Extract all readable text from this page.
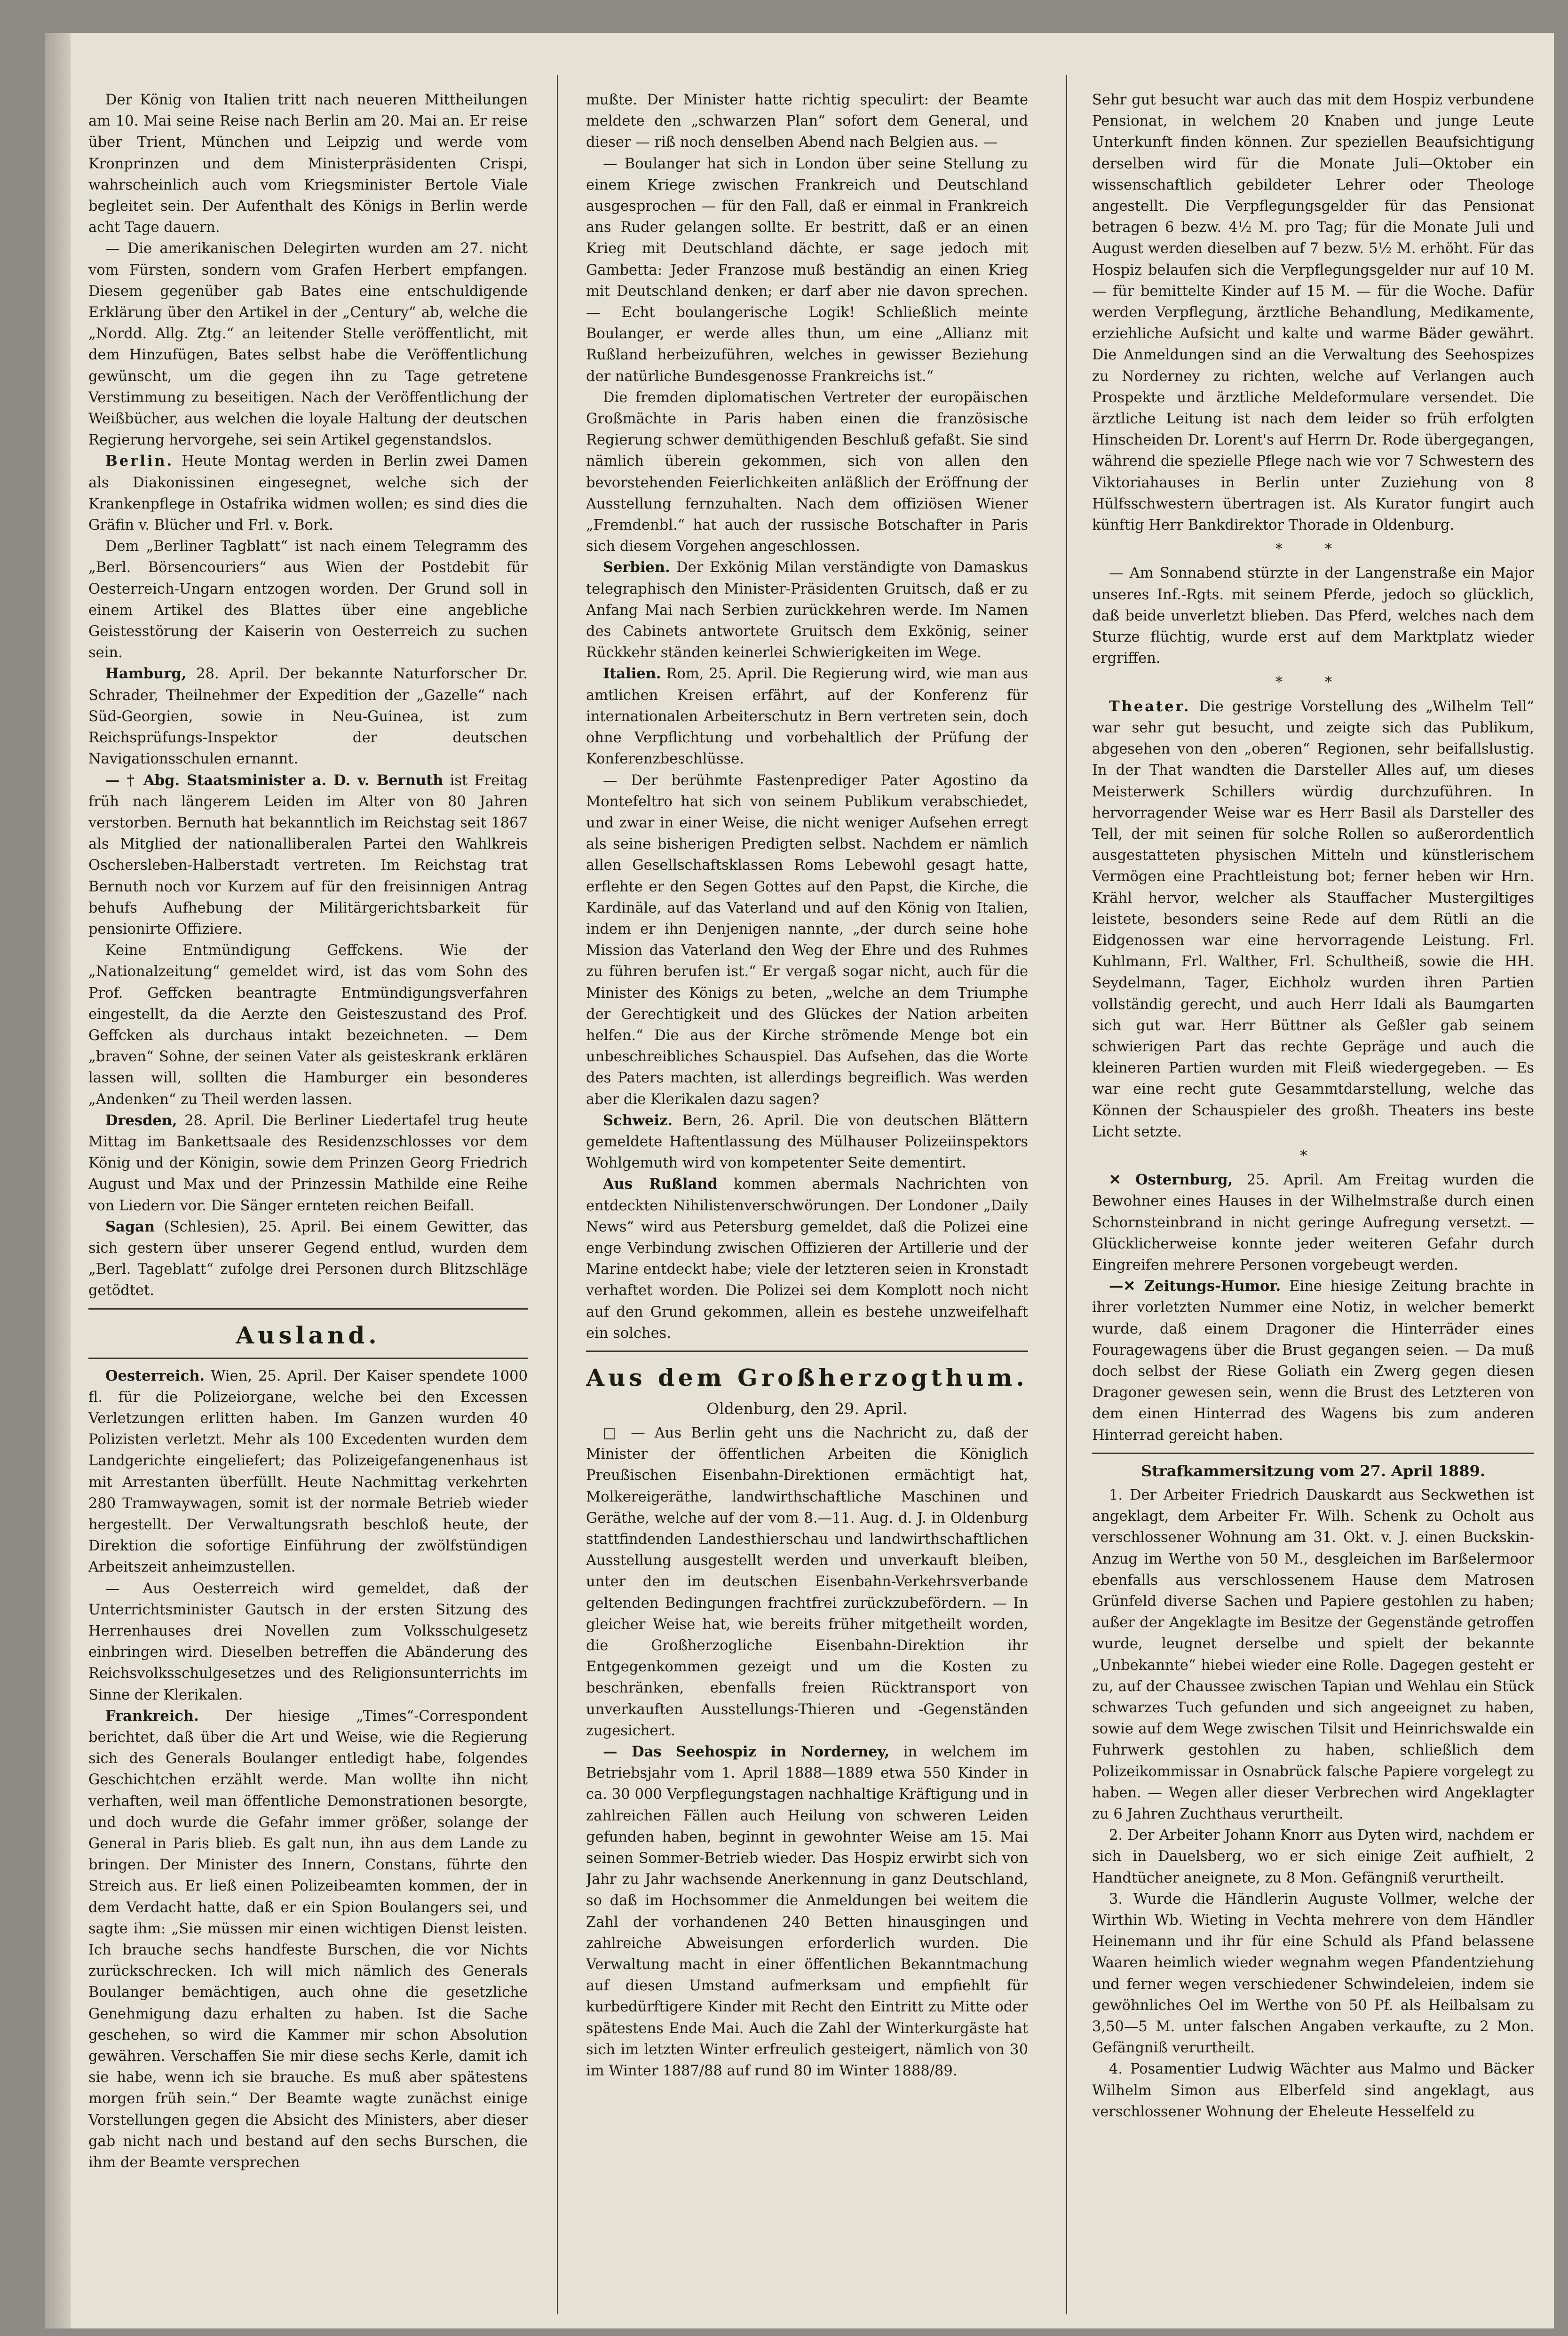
Der König von Italien tritt nach neueren Mittheilungen am 10. Mai seine Reise nach Berlin am 20. Mai an. Er reise über Trient, München und Leipzig und werde vom Kronprinzen und dem Ministerpräsidenten Crispi, wahrscheinlich auch vom Kriegsminister Bertole Viale begleitet sein. Der Aufenthalt des Königs in Berlin werde acht Tage dauern.

— Die amerikanischen Delegirten wurden am 27. nicht vom Fürsten, sondern vom Grafen Herbert empfangen. Diesem gegenüber gab Bates eine entschuldigende Erklärung über den Artikel in der „Century“ ab, welche die „Nordd. Allg. Ztg.“ an leitender Stelle veröffentlicht, mit dem Hinzufügen, Bates selbst habe die Veröffentlichung gewünscht, um die gegen ihn zu Tage getretene Verstimmung zu beseitigen. Nach der Veröffentlichung der Weißbücher, aus welchen die loyale Haltung der deutschen Regierung hervorgehe, sei sein Artikel gegenstandslos.

Berlin. Heute Montag werden in Berlin zwei Damen als Diakonissinen eingesegnet, welche sich der Krankenpflege in Ostafrika widmen wollen; es sind dies die Gräfin v. Blücher und Frl. v. Bork.

Dem „Berliner Tagblatt“ ist nach einem Telegramm des „Berl. Börsencouriers“ aus Wien der Postdebit für Oesterreich-Ungarn entzogen worden. Der Grund soll in einem Artikel des Blattes über eine angebliche Geistesstörung der Kaiserin von Oesterreich zu suchen sein.

Hamburg, 28. April. Der bekannte Naturforscher Dr. Schrader, Theilnehmer der Expedition der „Gazelle“ nach Süd-Georgien, sowie in Neu-Guinea, ist zum Reichsprüfungs-Inspektor der deutschen Navigationsschulen ernannt.

— † Abg. Staatsminister a. D. v. Bernuth ist Freitag früh nach längerem Leiden im Alter von 80 Jahren verstorben. Bernuth hat bekanntlich im Reichstag seit 1867 als Mitglied der nationalliberalen Partei den Wahlkreis Oschersleben-Halberstadt vertreten. Im Reichstag trat Bernuth noch vor Kurzem auf für den freisinnigen Antrag behufs Aufhebung der Militärgerichtsbarkeit für pensionirte Offiziere.

Keine Entmündigung Geffckens. Wie der „Nationalzeitung“ gemeldet wird, ist das vom Sohn des Prof. Geffcken beantragte Entmündigungsverfahren eingestellt, da die Aerzte den Geisteszustand des Prof. Geffcken als durchaus intakt bezeichneten. — Dem „braven“ Sohne, der seinen Vater als geisteskrank erklären lassen will, sollten die Hamburger ein besonderes „Andenken“ zu Theil werden lassen.

Dresden, 28. April. Die Berliner Liedertafel trug heute Mittag im Bankettsaale des Residenzschlosses vor dem König und der Königin, sowie dem Prinzen Georg Friedrich August und Max und der Prinzessin Mathilde eine Reihe von Liedern vor. Die Sänger ernteten reichen Beifall.

Sagan (Schlesien), 25. April. Bei einem Gewitter, das sich gestern über unserer Gegend entlud, wurden dem „Berl. Tageblatt“ zufolge drei Personen durch Blitzschläge getödtet.

Ausland.

Oesterreich. Wien, 25. April. Der Kaiser spendete 1000 fl. für die Polizeiorgane, welche bei den Excessen Verletzungen erlitten haben. Im Ganzen wurden 40 Polizisten verletzt. Mehr als 100 Excedenten wurden dem Landgerichte eingeliefert; das Polizeigefangenenhaus ist mit Arrestanten überfüllt. Heute Nachmittag verkehrten 280 Tramwaywagen, somit ist der normale Betrieb wieder hergestellt. Der Verwaltungsrath beschloß heute, der Direktion die sofortige Einführung der zwölfstündigen Arbeitszeit anheimzustellen.

— Aus Oesterreich wird gemeldet, daß der Unterrichtsminister Gautsch in der ersten Sitzung des Herrenhauses drei Novellen zum Volksschulgesetz einbringen wird. Dieselben betreffen die Abänderung des Reichsvolksschulgesetzes und des Religionsunterrichts im Sinne der Klerikalen.

Frankreich. Der hiesige „Times“-Correspondent berichtet, daß über die Art und Weise, wie die Regierung sich des Generals Boulanger entledigt habe, folgendes Geschichtchen erzählt werde. Man wollte ihn nicht verhaften, weil man öffentliche Demonstrationen besorgte, und doch wurde die Gefahr immer größer, solange der General in Paris blieb. Es galt nun, ihn aus dem Lande zu bringen. Der Minister des Innern, Constans, führte den Streich aus. Er ließ einen Polizeibeamten kommen, der in dem Verdacht hatte, daß er ein Spion Boulangers sei, und sagte ihm: „Sie müssen mir einen wichtigen Dienst leisten. Ich brauche sechs handfeste Burschen, die vor Nichts zurückschrecken. Ich will mich nämlich des Generals Boulanger bemächtigen, auch ohne die gesetzliche Genehmigung dazu erhalten zu haben. Ist die Sache geschehen, so wird die Kammer mir schon Absolution gewähren. Verschaffen Sie mir diese sechs Kerle, damit ich sie habe, wenn ich sie brauche. Es muß aber spätestens morgen früh sein.“ Der Beamte wagte zunächst einige Vorstellungen gegen die Absicht des Ministers, aber dieser gab nicht nach und bestand auf den sechs Burschen, die ihm der Beamte versprechen

mußte. Der Minister hatte richtig speculirt: der Beamte meldete den „schwarzen Plan“ sofort dem General, und dieser — riß noch denselben Abend nach Belgien aus. —

— Boulanger hat sich in London über seine Stellung zu einem Kriege zwischen Frankreich und Deutschland ausgesprochen — für den Fall, daß er einmal in Frankreich ans Ruder gelangen sollte. Er bestritt, daß er an einen Krieg mit Deutschland dächte, er sage jedoch mit Gambetta: Jeder Franzose muß beständig an einen Krieg mit Deutschland denken; er darf aber nie davon sprechen. — Echt boulangerische Logik! Schließlich meinte Boulanger, er werde alles thun, um eine „Allianz mit Rußland herbeizuführen, welches in gewisser Beziehung der natürliche Bundesgenosse Frankreichs ist.“

Die fremden diplomatischen Vertreter der europäischen Großmächte in Paris haben einen die französische Regierung schwer demüthigenden Beschluß gefaßt. Sie sind nämlich überein gekommen, sich von allen den bevorstehenden Feierlichkeiten anläßlich der Eröffnung der Ausstellung fernzuhalten. Nach dem offiziösen Wiener „Fremdenbl.“ hat auch der russische Botschafter in Paris sich diesem Vorgehen angeschlossen.

Serbien. Der Exkönig Milan verständigte von Damaskus telegraphisch den Minister-Präsidenten Gruitsch, daß er zu Anfang Mai nach Serbien zurückkehren werde. Im Namen des Cabinets antwortete Gruitsch dem Exkönig, seiner Rückkehr ständen keinerlei Schwierigkeiten im Wege.

Italien. Rom, 25. April. Die Regierung wird, wie man aus amtlichen Kreisen erfährt, auf der Konferenz für internationalen Arbeiterschutz in Bern vertreten sein, doch ohne Verpflichtung und vorbehaltlich der Prüfung der Konferenzbeschlüsse.

— Der berühmte Fastenprediger Pater Agostino da Montefeltro hat sich von seinem Publikum verabschiedet, und zwar in einer Weise, die nicht weniger Aufsehen erregt als seine bisherigen Predigten selbst. Nachdem er nämlich allen Gesellschaftsklassen Roms Lebewohl gesagt hatte, erflehte er den Segen Gottes auf den Papst, die Kirche, die Kardinäle, auf das Vaterland und auf den König von Italien, indem er ihn Denjenigen nannte, „der durch seine hohe Mission das Vaterland den Weg der Ehre und des Ruhmes zu führen berufen ist.“ Er vergaß sogar nicht, auch für die Minister des Königs zu beten, „welche an dem Triumphe der Gerechtigkeit und des Glückes der Nation arbeiten helfen.“ Die aus der Kirche strömende Menge bot ein unbeschreibliches Schauspiel. Das Aufsehen, das die Worte des Paters machten, ist allerdings begreiflich. Was werden aber die Klerikalen dazu sagen?

Schweiz. Bern, 26. April. Die von deutschen Blättern gemeldete Haftentlassung des Mülhauser Polizeiinspektors Wohlgemuth wird von kompetenter Seite dementirt.

Aus Rußland kommen abermals Nachrichten von entdeckten Nihilistenverschwörungen. Der Londoner „Daily News“ wird aus Petersburg gemeldet, daß die Polizei eine enge Verbindung zwischen Offizieren der Artillerie und der Marine entdeckt habe; viele der letzteren seien in Kronstadt verhaftet worden. Die Polizei sei dem Komplott noch nicht auf den Grund gekommen, allein es bestehe unzweifelhaft ein solches.

Aus dem Großherzogthum.
Oldenburg, den 29. April.

□ — Aus Berlin geht uns die Nachricht zu, daß der Minister der öffentlichen Arbeiten die Königlich Preußischen Eisenbahn-Direktionen ermächtigt hat, Molkereigeräthe, landwirthschaftliche Maschinen und Geräthe, welche auf der vom 8.—11. Aug. d. J. in Oldenburg stattfindenden Landesthierschau und landwirthschaftlichen Ausstellung ausgestellt werden und unverkauft bleiben, unter den im deutschen Eisenbahn-Verkehrsverbande geltenden Bedingungen frachtfrei zurückzubefördern. — In gleicher Weise hat, wie bereits früher mitgetheilt worden, die Großherzogliche Eisenbahn-Direktion ihr Entgegenkommen gezeigt und um die Kosten zu beschränken, ebenfalls freien Rücktransport von unverkauften Ausstellungs-Thieren und -Gegenständen zugesichert.

— Das Seehospiz in Norderney, in welchem im Betriebsjahr vom 1. April 1888—1889 etwa 550 Kinder in ca. 30 000 Verpflegungstagen nachhaltige Kräftigung und in zahlreichen Fällen auch Heilung von schweren Leiden gefunden haben, beginnt in gewohnter Weise am 15. Mai seinen Sommer-Betrieb wieder. Das Hospiz erwirbt sich von Jahr zu Jahr wachsende Anerkennung in ganz Deutschland, so daß im Hochsommer die Anmeldungen bei weitem die Zahl der vorhandenen 240 Betten hinausgingen und zahlreiche Abweisungen erforderlich wurden. Die Verwaltung macht in einer öffentlichen Bekanntmachung auf diesen Umstand aufmerksam und empfiehlt für kurbedürftigere Kinder mit Recht den Eintritt zu Mitte oder spätestens Ende Mai. Auch die Zahl der Winterkurgäste hat sich im letzten Winter erfreulich gesteigert, nämlich von 30 im Winter 1887/88 auf rund 80 im Winter 1888/89.

Sehr gut besucht war auch das mit dem Hospiz verbundene Pensionat, in welchem 20 Knaben und junge Leute Unterkunft finden können. Zur speziellen Beaufsichtigung derselben wird für die Monate Juli—Oktober ein wissenschaftlich gebildeter Lehrer oder Theologe angestellt. Die Verpflegungsgelder für das Pensionat betragen 6 bezw. 4½ M. pro Tag; für die Monate Juli und August werden dieselben auf 7 bezw. 5½ M. erhöht. Für das Hospiz belaufen sich die Verpflegungsgelder nur auf 10 M. — für bemittelte Kinder auf 15 M. — für die Woche. Dafür werden Verpflegung, ärztliche Behandlung, Medikamente, erziehliche Aufsicht und kalte und warme Bäder gewährt. Die Anmeldungen sind an die Verwaltung des Seehospizes zu Norderney zu richten, welche auf Verlangen auch Prospekte und ärztliche Meldeformulare versendet. Die ärztliche Leitung ist nach dem leider so früh erfolgten Hinscheiden Dr. Lorent's auf Herrn Dr. Rode übergegangen, während die spezielle Pflege nach wie vor 7 Schwestern des Viktoriahauses in Berlin unter Zuziehung von 8 Hülfsschwestern übertragen ist. Als Kurator fungirt auch künftig Herr Bankdirektor Thorade in Oldenburg.

* *

— Am Sonnabend stürzte in der Langenstraße ein Major unseres Inf.-Rgts. mit seinem Pferde, jedoch so glücklich, daß beide unverletzt blieben. Das Pferd, welches nach dem Sturze flüchtig, wurde erst auf dem Marktplatz wieder ergriffen.

* *

Theater. Die gestrige Vorstellung des „Wilhelm Tell“ war sehr gut besucht, und zeigte sich das Publikum, abgesehen von den „oberen“ Regionen, sehr beifallslustig. In der That wandten die Darsteller Alles auf, um dieses Meisterwerk Schillers würdig durchzuführen. In hervorragender Weise war es Herr Basil als Darsteller des Tell, der mit seinen für solche Rollen so außerordentlich ausgestatteten physischen Mitteln und künstlerischem Vermögen eine Prachtleistung bot; ferner heben wir Hrn. Krähl hervor, welcher als Stauffacher Mustergiltiges leistete, besonders seine Rede auf dem Rütli an die Eidgenossen war eine hervorragende Leistung. Frl. Kuhlmann, Frl. Walther, Frl. Schultheiß, sowie die HH. Seydelmann, Tager, Eichholz wurden ihren Partien vollständig gerecht, und auch Herr Idali als Baumgarten sich gut war. Herr Büttner als Geßler gab seinem schwierigen Part das rechte Gepräge und auch die kleineren Partien wurden mit Fleiß wiedergegeben. — Es war eine recht gute Gesammtdarstellung, welche das Können der Schauspieler des großh. Theaters ins beste Licht setzte.

*

✕ Osternburg, 25. April. Am Freitag wurden die Bewohner eines Hauses in der Wilhelmstraße durch einen Schornsteinbrand in nicht geringe Aufregung versetzt. — Glücklicherweise konnte jeder weiteren Gefahr durch Eingreifen mehrere Personen vorgebeugt werden.

—✕ Zeitungs-Humor. Eine hiesige Zeitung brachte in ihrer vorletzten Nummer eine Notiz, in welcher bemerkt wurde, daß einem Dragoner die Hinterräder eines Fouragewagens über die Brust gegangen seien. — Da muß doch selbst der Riese Goliath ein Zwerg gegen diesen Dragoner gewesen sein, wenn die Brust des Letzteren von dem einen Hinterrad des Wagens bis zum anderen Hinterrad gereicht haben.

Strafkammersitzung vom 27. April 1889.

1. Der Arbeiter Friedrich Dauskardt aus Seckwethen ist angeklagt, dem Arbeiter Fr. Wilh. Schenk zu Ocholt aus verschlossener Wohnung am 31. Okt. v. J. einen Buckskin-Anzug im Werthe von 50 M., desgleichen im Barßelermoor ebenfalls aus verschlossenem Hause dem Matrosen Grünfeld diverse Sachen und Papiere gestohlen zu haben; außer der Angeklagte im Besitze der Gegenstände getroffen wurde, leugnet derselbe und spielt der bekannte „Unbekannte“ hiebei wieder eine Rolle. Dagegen gesteht er zu, auf der Chaussee zwischen Tapian und Wehlau ein Stück schwarzes Tuch gefunden und sich angeeignet zu haben, sowie auf dem Wege zwischen Tilsit und Heinrichswalde ein Fuhrwerk gestohlen zu haben, schließlich dem Polizeikommissar in Osnabrück falsche Papiere vorgelegt zu haben. — Wegen aller dieser Verbrechen wird Angeklagter zu 6 Jahren Zuchthaus verurtheilt.

2. Der Arbeiter Johann Knorr aus Dyten wird, nachdem er sich in Dauelsberg, wo er sich einige Zeit aufhielt, 2 Handtücher aneignete, zu 8 Mon. Gefängniß verurtheilt.

3. Wurde die Händlerin Auguste Vollmer, welche der Wirthin Wb. Wieting in Vechta mehrere von dem Händler Heinemann und ihr für eine Schuld als Pfand belassene Waaren heimlich wieder wegnahm wegen Pfandentziehung und ferner wegen verschiedener Schwindeleien, indem sie gewöhnliches Oel im Werthe von 50 Pf. als Heilbalsam zu 3,50—5 M. unter falschen Angaben verkaufte, zu 2 Mon. Gefängniß verurtheilt.

4. Posamentier Ludwig Wächter aus Malmo und Bäcker Wilhelm Simon aus Elberfeld sind angeklagt, aus verschlossener Wohnung der Eheleute Hesselfeld zu
